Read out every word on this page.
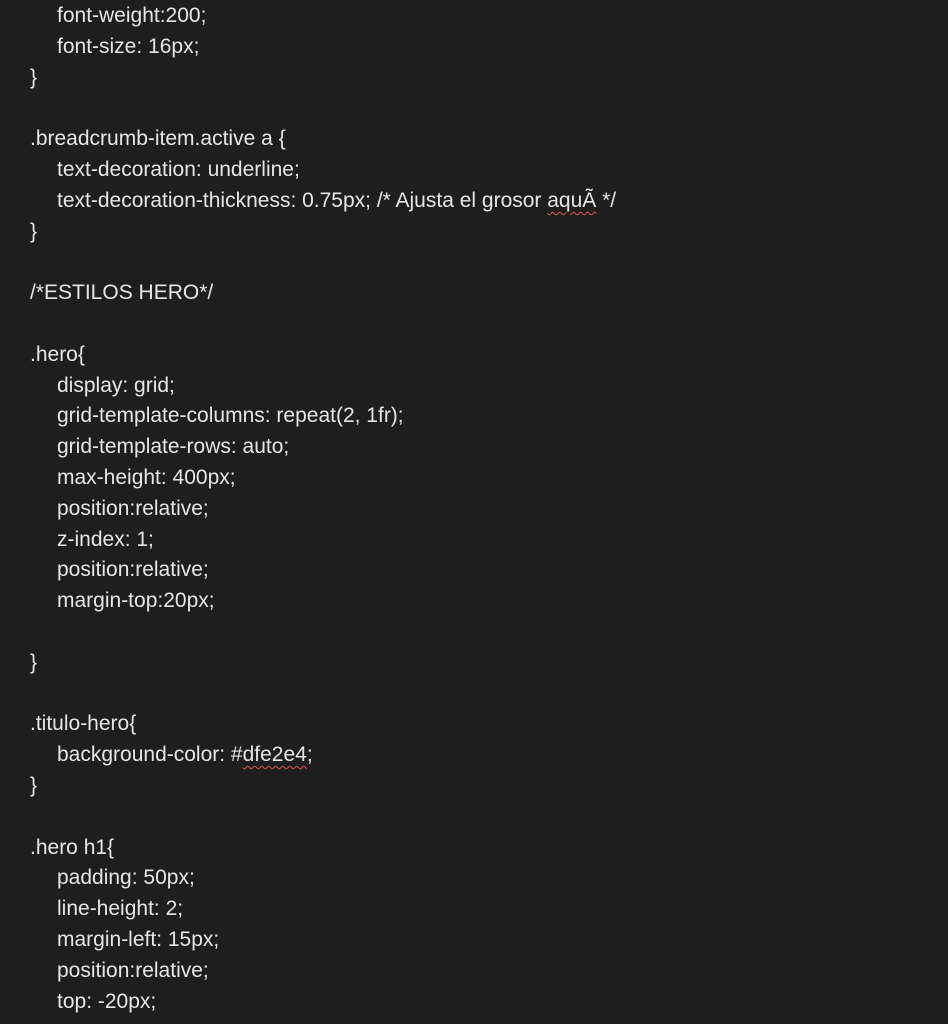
font-weight:200;
font-size: 16px;
}
.breadcrumb-item.active a {
text-decoration: underline;
text-decoration-thickness: 0.75px; /* Ajusta el grosor aquÃ */
}
/*ESTILOS HERO*/
.hero{
display: grid;
grid-template-columns: repeat(2, 1fr);
grid-template-rows: auto;
max-height: 400px;
position:relative;
z-index: 1;
position:relative;
margin-top:20px;
}
.titulo-hero{
background-color: #dfe2e4;
}
.hero h1{
padding: 50px;
line-height: 2;
margin-left: 15px;
position:relative;
top: -20px;
